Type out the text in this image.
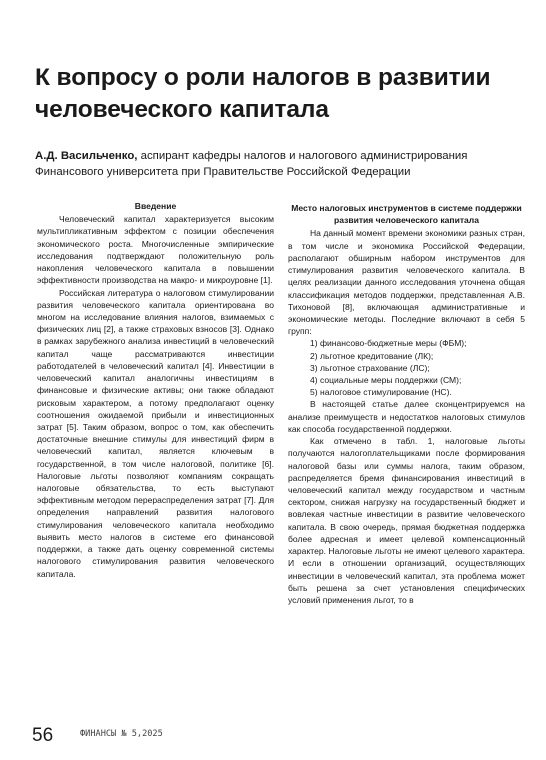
К вопросу о роли налогов в развитии человеческого капитала
А.Д. Васильченко, аспирант кафедры налогов и налогового администрирования Финансового университета при Правительстве Российской Федерации
Введение

Человеческий капитал характеризуется высоким мультипликативным эффектом с позиции обеспечения экономического роста. Многочисленные эмпирические исследования подтверждают положительную роль накопления человеческого капитала в повышении эффективности производства на макро- и микроуровне [1].

Российская литература о налоговом стимулировании развития человеческого капитала ориентирована во многом на исследование влияния налогов, взимаемых с физических лиц [2], а также страховых взносов [3]. Однако в рамках зарубежного анализа инвестиций в человеческий капитал чаще рассматриваются инвестиции работодателей в человеческий капитал [4]. Инвестиции в человеческий капитал аналогичны инвестициям в финансовые и физические активы; они также обладают рисковым характером, а потому предполагают оценку соотношения ожидаемой прибыли и инвестиционных затрат [5]. Таким образом, вопрос о том, как обеспечить достаточные внешние стимулы для инвестиций фирм в человеческий капитал, является ключевым в государственной, в том числе налоговой, политике [6]. Налоговые льготы позволяют компаниям сокращать налоговые обязательства, то есть выступают эффективным методом перераспределения затрат [7]. Для определения направлений развития налогового стимулирования человеческого капитала необходимо выявить место налогов в системе его финансовой поддержки, а также дать оценку современной системы налогового стимулирования развития человеческого капитала.

Место налоговых инструментов в системе поддержки развития человеческого капитала

На данный момент времени экономики разных стран, в том числе и экономика Российской Федерации, располагают обширным набором инструментов для стимулирования развития человеческого капитала. В целях реализации данного исследования уточнена общая классификация методов поддержки, представленная А.В. Тихоновой [8], включающая административные и экономические методы. Последние включают в себя 5 групп:

1) финансово-бюджетные меры (ФБМ);
2) льготное кредитование (ЛК);
3) льготное страхование (ЛС);
4) социальные меры поддержки (СМ);
5) налоговое стимулирование (НС).

В настоящей статье далее сконцентрируемся на анализе преимуществ и недостатков налоговых стимулов как способа государственной поддержки.

Как отмечено в табл. 1, налоговые льготы получаются налогоплательщиками после формирования налоговой базы или суммы налога, таким образом, распределяется бремя финансирования инвестиций в человеческий капитал между государством и частным сектором, снижая нагрузку на государственный бюджет и вовлекая частные инвестиции в развитие человеческого капитала. В свою очередь, прямая бюджетная поддержка более адресная и имеет целевой компенсационный характер. Налоговые льготы не имеют целевого характера. И если в отношении организаций, осуществляющих инвестиции в человеческий капитал, эта проблема может быть решена за счет установления специфических условий применения льгот, то в

56	ФИНАНСЫ № 5,2025
